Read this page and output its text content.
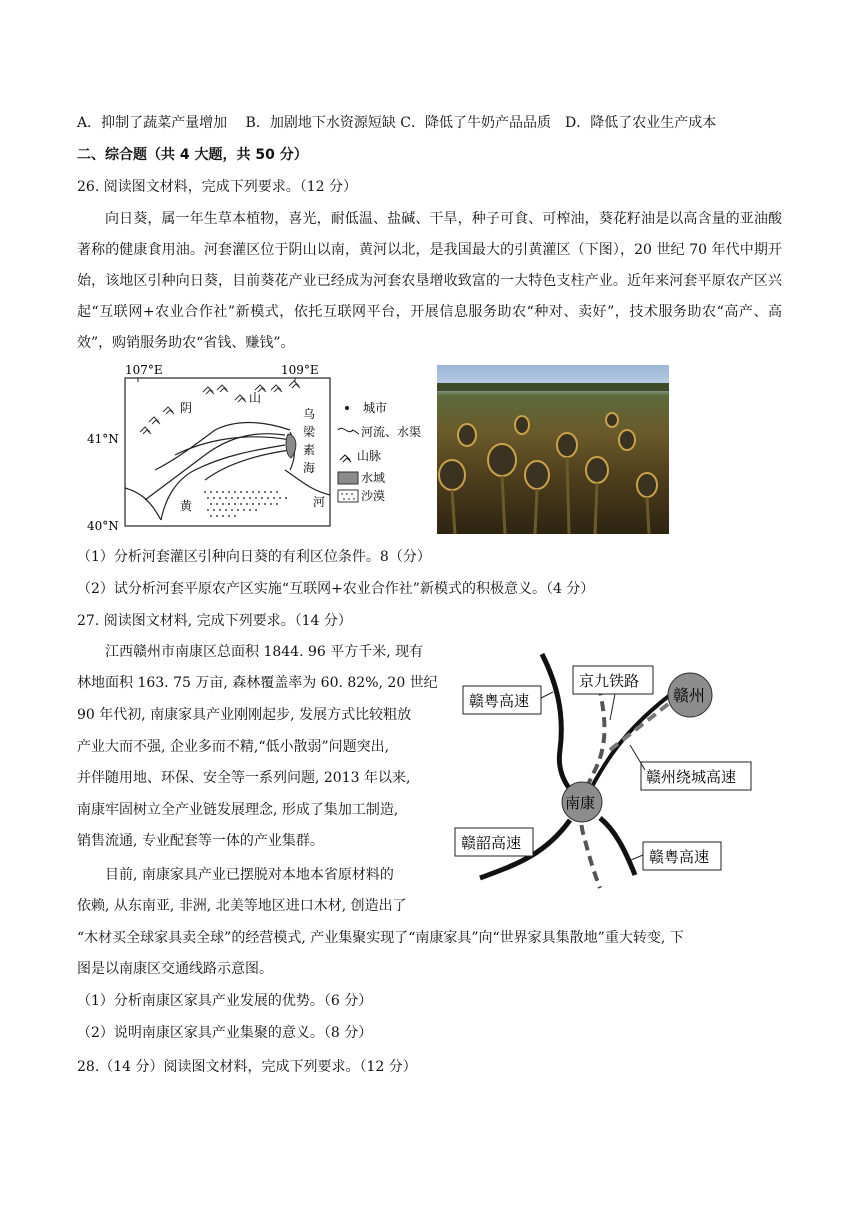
A．抑制了蔬菜产量增加　 B．加剧地下水资源短缺 C．降低了牛奶产品品质　D．降低了农业生产成本
二、综合题（共 4 大题，共 50 分）
26. 阅读图文材料，完成下列要求。（12 分）

向日葵，属一年生草本植物，喜光，耐低温、盐碱、干旱，种子可食、可榨油，葵花籽油是以高含量的亚油酸著称的健康食用油。河套灌区位于阴山以南，黄河以北，是我国最大的引黄灌区（下图），20 世纪 70 年代中期开始，该地区引种向日葵，目前葵花产业已经成为河套农垦增收致富的一大特色支柱产业。近年来河套平原农产区兴起“互联网+农业合作社”新模式，依托互联网平台，开展信息服务助农“种对、卖好”，技术服务助农“高产、高效”，购销服务助农“省钱、赚钱”。

107°E	109°E
41°N
40°N
阴
山
乌
梁
素
海
黄	河
城市
河流、水渠
山脉
水域
沙漠
（1）分析河套灌区引种向日葵的有利区位条件。8（分）
（2）试分析河套平原农产区实施“互联网+农业合作社”新模式的积极意义。（4 分）
27. 阅读图文材料, 完成下列要求。（14 分）
江西赣州市南康区总面积 1844. 96 平方千米, 现有
林地面积 163. 75 万亩, 森林覆盖率为 60. 82%, 20 世纪
90 年代初, 南康家具产业刚刚起步, 发展方式比较粗放
产业大而不强, 企业多而不精,“低小散弱”问题突出,
并伴随用地、环保、安全等一系列问题, 2013 年以来,
南康牢固树立全产业链发展理念, 形成了集加工制造,
销售流通, 专业配套等一体的产业集群。
目前, 南康家具产业已摆脱对本地本省原材料的
依赖, 从东南亚, 非洲, 北美等地区进口木材, 创造出了
“木材买全球家具卖全球”的经营模式, 产业集聚实现了“南康家具”向“世界家具集散地”重大转变, 下
图是以南康区交通线路示意图。
赣州
南康
赣粤高速
京九铁路
赣州绕城高速
赣韶高速
赣粤高速
（1）分析南康区家具产业发展的优势。（6 分）
（2）说明南康区家具产业集聚的意义。（8 分）
28.（14 分）阅读图文材料，完成下列要求。（12 分）
